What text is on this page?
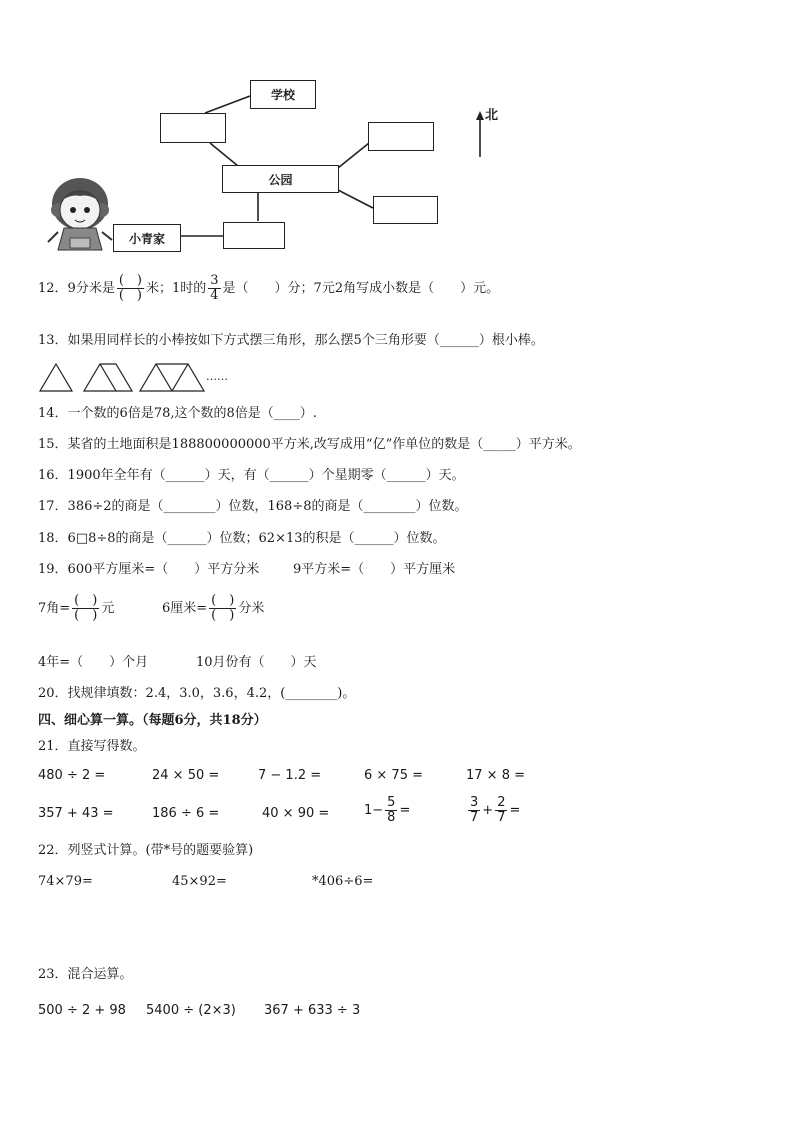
学校
公园
小青家
北
12．9分米是 $\frac{( )}{( )}$ 米；1时的 $\frac{3}{4}$ 是（　　）分；7元2角写成小数是（　　）元。
13．如果用同样长的小棒按如下方式摆三角形，那么摆5个三角形要（______）根小棒。
……
14．一个数的6倍是78,这个数的8倍是（____）.
15．某省的土地面积是188800000000平方米,改写成用“亿”作单位的数是（_____）平方米。
16．1900年全年有（______）天，有（______）个星期零（______）天。
17．386÷2的商是（________）位数，168÷8的商是（________）位数。
18．6□8÷8的商是（______）位数；62×13的积是（______）位数。
19．600平方厘米=（　　）平方分米	9平方米=（　　）平方厘米
7角= $\frac{( )}{( )}$ 元	6厘米= $\frac{( )}{( )}$ 分米
4年=（　　）个月	10月份有（　　）天
20．找规律填数：2.4，3.0，3.6，4.2，(________)。
四、细心算一算。（每题6分，共18分）
21．直接写得数。
480 ÷ 2 =	24 × 50 =	7 − 1.2 =	6 × 75 =	17 × 8 =
357 + 43 =	186 ÷ 6 =	40 × 90 =	$1- \frac{5}{8}$ =	$\frac{3}{7} + \frac{2}{7}$ =
22．列竖式计算。(带*号的题要验算)
74×79=	45×92=	*406÷6=
23．混合运算。
500 ÷ 2 + 98 5400 ÷ (2×3) 367 + 633 ÷ 3
